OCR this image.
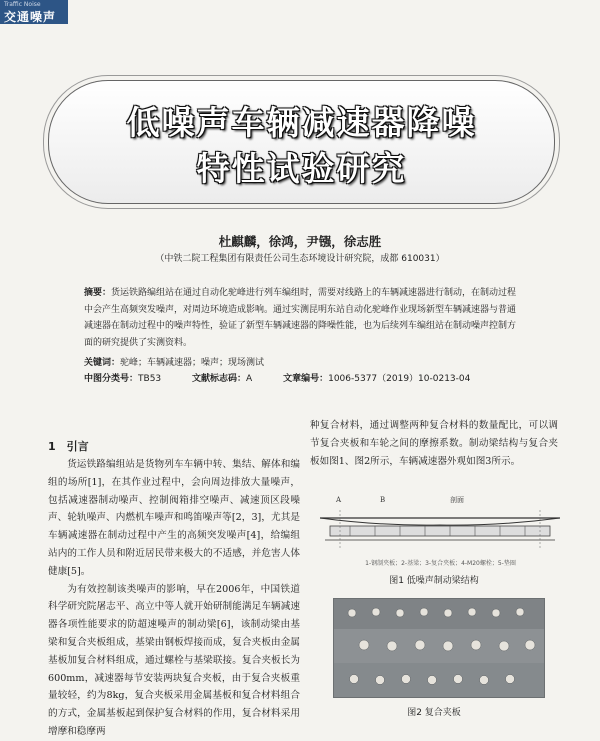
Traffic Noise
交通噪声
低噪声车辆减速器降噪
特性试验研究
杜麒麟，徐鸿，尹镪，徐志胜
（中铁二院工程集团有限责任公司生态环境设计研究院，成都 610031）
摘要：货运铁路编组站在通过自动化驼峰进行列车编组时，需要对线路上的车辆减速器进行制动，在制动过程中会产生高频突发噪声，对周边环境造成影响。通过实测昆明东站自动化驼峰作业现场新型车辆减速器与普通减速器在制动过程中的噪声特性，验证了新型车辆减速器的降噪性能，也为后续列车编组站在制动噪声控制方面的研究提供了实测资料。
关键词：驼峰；车辆减速器；噪声；现场测试
中图分类号：TB53	文献标志码：A	文章编号：1006-5377（2019）10-0213-04
1　引言

货运铁路编组站是货物列车车辆中转、集结、解体和编组的场所[1]，在其作业过程中，会向周边排放大量噪声，包括减速器制动噪声、控制阀箱排空噪声、减速顶区段噪声、轮轨噪声、内燃机车噪声和鸣笛噪声等[2，3]，尤其是车辆减速器在制动过程中产生的高频突发噪声[4]，给编组站内的工作人员和附近居民带来极大的不适感，并危害人体健康[5]。

为有效控制该类噪声的影响，早在2006年，中国铁道科学研究院屠志平、高立中等人就开始研制能满足车辆减速器各项性能要求的防超速噪声的制动梁[6]，该制动梁由基梁和复合夹板组成，基梁由钢板焊接而成，复合夹板由金属基板加复合材料组成，通过螺栓与基梁联接。复合夹板长为600mm，减速器每节安装两块复合夹板，由于复合夹板重量较轻，约为8kg，复合夹板采用金属基板和复合材料组合的方式，金属基板起到保护复合材料的作用，复合材料采用增摩和稳摩两

种复合材料，通过调整两种复合材料的数量配比，可以调节复合夹板和车轮之间的摩擦系数。制动梁结构与复合夹板如图1、图2所示，车辆减速器外观如图3所示。

A	B	剖面
1-钢制夹板；2-基梁；3-复合夹板；4-M20螺栓；5-垫圈
图1 低噪声制动梁结构
图2 复合夹板
